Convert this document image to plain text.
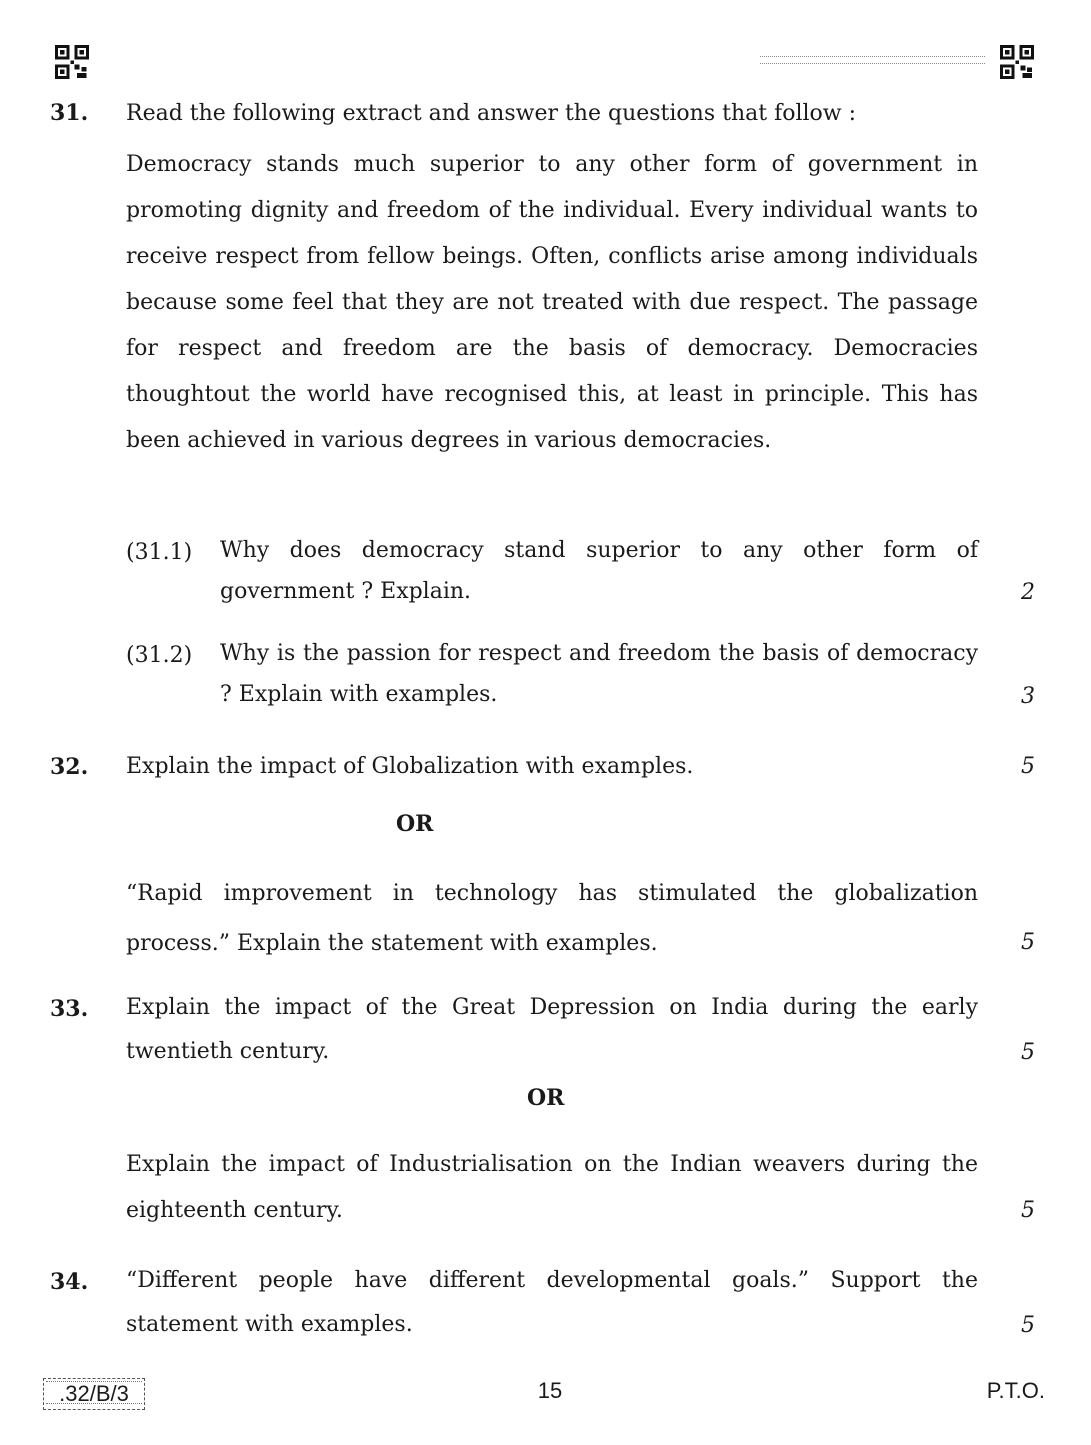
31. Read the following extract and answer the questions that follow :
Democracy stands much superior to any other form of government in promoting dignity and freedom of the individual. Every individual wants to receive respect from fellow beings. Often, conflicts arise among individuals because some feel that they are not treated with due respect. The passage for respect and freedom are the basis of democracy. Democracies thoughtout the world have recognised this, at least in principle. This has been achieved in various degrees in various democracies.
(31.1) Why does democracy stand superior to any other form of government ? Explain.	2
(31.2) Why is the passion for respect and freedom the basis of democracy ? Explain with examples.	3
32. Explain the impact of Globalization with examples.	5
OR
“Rapid improvement in technology has stimulated the globalization process.” Explain the statement with examples.	5
33. Explain the impact of the Great Depression on India during the early twentieth century.	5
OR
Explain the impact of Industrialisation on the Indian weavers during the eighteenth century.	5
34. “Different people have different developmental goals.” Support the statement with examples.	5
.32/B/3	15	P.T.O.
